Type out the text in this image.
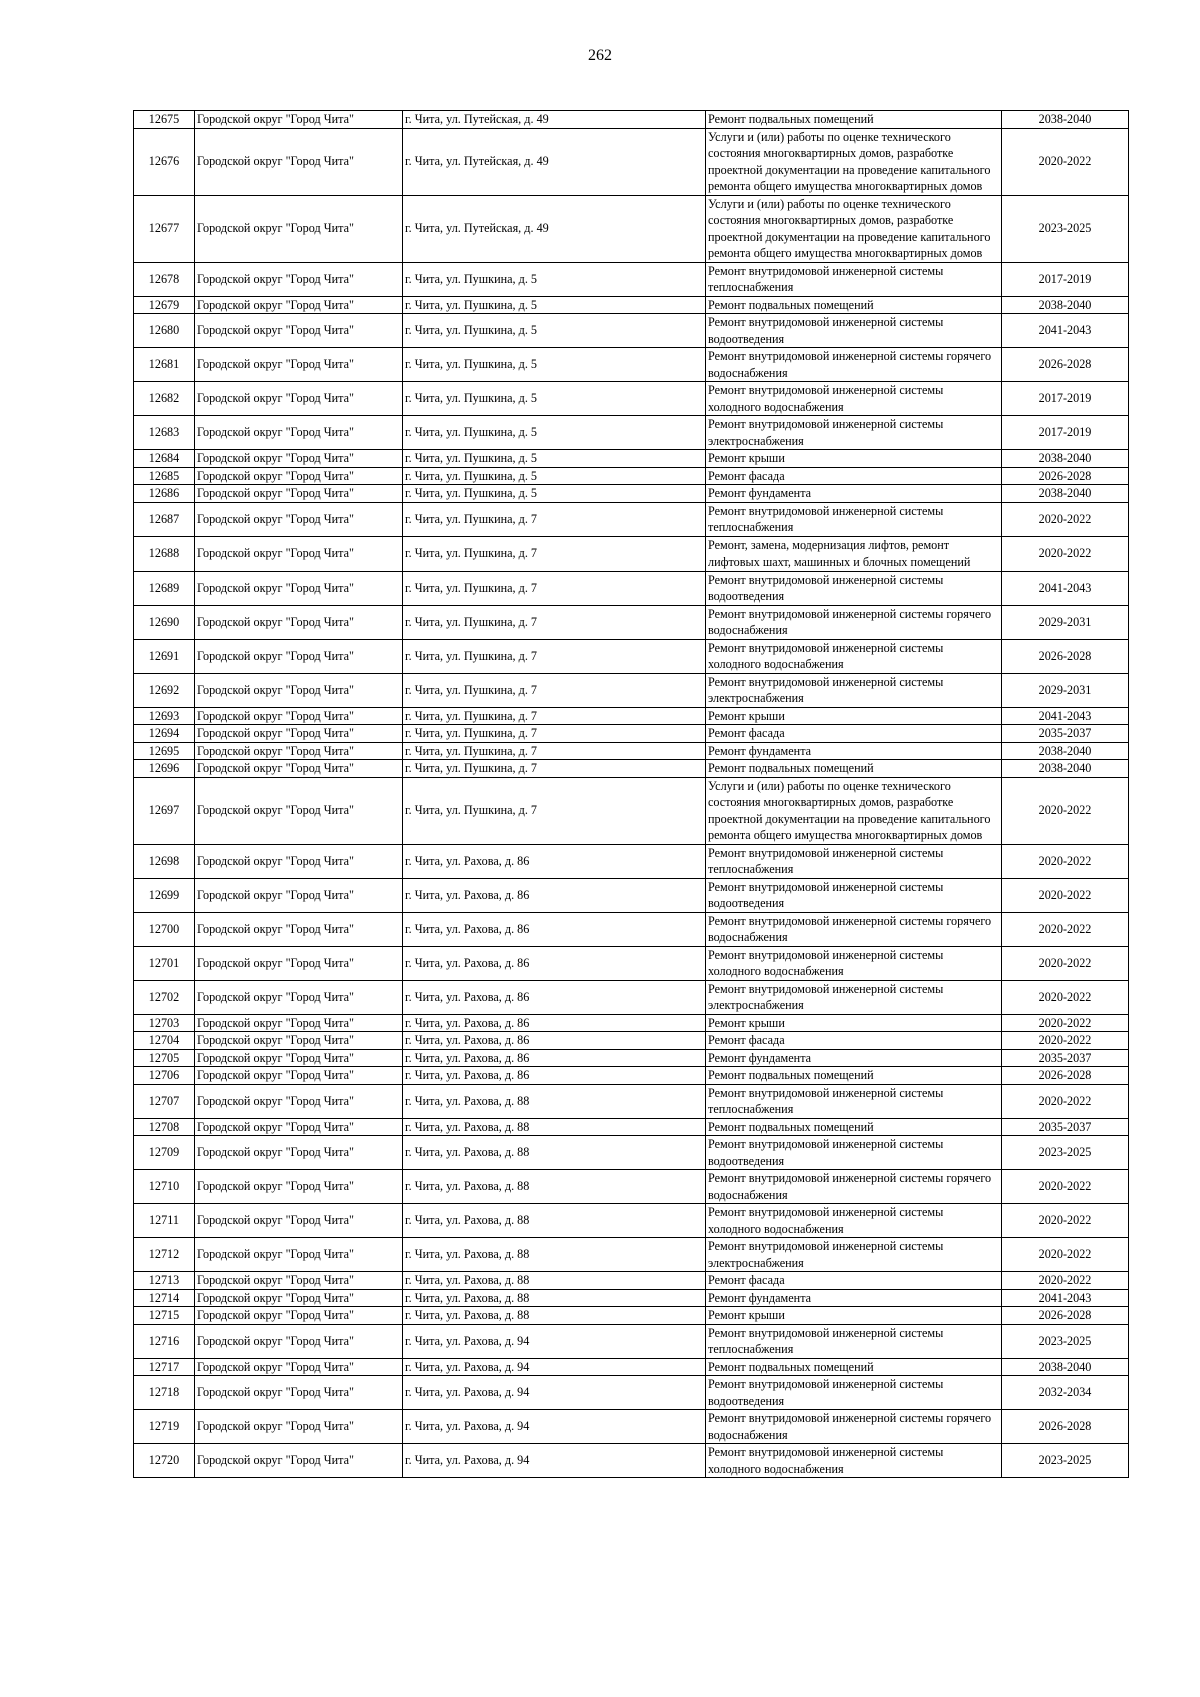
262
12675	Городской округ "Город Чита"	г. Чита, ул. Путейская, д. 49	Ремонт подвальных помещений	2038-2040
12676	Городской округ "Город Чита"	г. Чита, ул. Путейская, д. 49	Услуги и (или) работы по оценке технического состояния многоквартирных домов, разработке проектной документации на проведение капитального ремонта общего имущества многоквартирных домов	2020-2022
12677	Городской округ "Город Чита"	г. Чита, ул. Путейская, д. 49	Услуги и (или) работы по оценке технического состояния многоквартирных домов, разработке проектной документации на проведение капитального ремонта общего имущества многоквартирных домов	2023-2025
12678	Городской округ "Город Чита"	г. Чита, ул. Пушкина, д. 5	Ремонт внутридомовой инженерной системы теплоснабжения	2017-2019
12679	Городской округ "Город Чита"	г. Чита, ул. Пушкина, д. 5	Ремонт подвальных помещений	2038-2040
12680	Городской округ "Город Чита"	г. Чита, ул. Пушкина, д. 5	Ремонт внутридомовой инженерной системы водоотведения	2041-2043
12681	Городской округ "Город Чита"	г. Чита, ул. Пушкина, д. 5	Ремонт внутридомовой инженерной системы горячего водоснабжения	2026-2028
12682	Городской округ "Город Чита"	г. Чита, ул. Пушкина, д. 5	Ремонт внутридомовой инженерной системы холодного водоснабжения	2017-2019
12683	Городской округ "Город Чита"	г. Чита, ул. Пушкина, д. 5	Ремонт внутридомовой инженерной системы электроснабжения	2017-2019
12684	Городской округ "Город Чита"	г. Чита, ул. Пушкина, д. 5	Ремонт крыши	2038-2040
12685	Городской округ "Город Чита"	г. Чита, ул. Пушкина, д. 5	Ремонт фасада	2026-2028
12686	Городской округ "Город Чита"	г. Чита, ул. Пушкина, д. 5	Ремонт фундамента	2038-2040
12687	Городской округ "Город Чита"	г. Чита, ул. Пушкина, д. 7	Ремонт внутридомовой инженерной системы теплоснабжения	2020-2022
12688	Городской округ "Город Чита"	г. Чита, ул. Пушкина, д. 7	Ремонт, замена, модернизация лифтов, ремонт лифтовых шахт, машинных и блочных помещений	2020-2022
12689	Городской округ "Город Чита"	г. Чита, ул. Пушкина, д. 7	Ремонт внутридомовой инженерной системы водоотведения	2041-2043
12690	Городской округ "Город Чита"	г. Чита, ул. Пушкина, д. 7	Ремонт внутридомовой инженерной системы горячего водоснабжения	2029-2031
12691	Городской округ "Город Чита"	г. Чита, ул. Пушкина, д. 7	Ремонт внутридомовой инженерной системы холодного водоснабжения	2026-2028
12692	Городской округ "Город Чита"	г. Чита, ул. Пушкина, д. 7	Ремонт внутридомовой инженерной системы электроснабжения	2029-2031
12693	Городской округ "Город Чита"	г. Чита, ул. Пушкина, д. 7	Ремонт крыши	2041-2043
12694	Городской округ "Город Чита"	г. Чита, ул. Пушкина, д. 7	Ремонт фасада	2035-2037
12695	Городской округ "Город Чита"	г. Чита, ул. Пушкина, д. 7	Ремонт фундамента	2038-2040
12696	Городской округ "Город Чита"	г. Чита, ул. Пушкина, д. 7	Ремонт подвальных помещений	2038-2040
12697	Городской округ "Город Чита"	г. Чита, ул. Пушкина, д. 7	Услуги и (или) работы по оценке технического состояния многоквартирных домов, разработке проектной документации на проведение капитального ремонта общего имущества многоквартирных домов	2020-2022
12698	Городской округ "Город Чита"	г. Чита, ул. Рахова, д. 86	Ремонт внутридомовой инженерной системы теплоснабжения	2020-2022
12699	Городской округ "Город Чита"	г. Чита, ул. Рахова, д. 86	Ремонт внутридомовой инженерной системы водоотведения	2020-2022
12700	Городской округ "Город Чита"	г. Чита, ул. Рахова, д. 86	Ремонт внутридомовой инженерной системы горячего водоснабжения	2020-2022
12701	Городской округ "Город Чита"	г. Чита, ул. Рахова, д. 86	Ремонт внутридомовой инженерной системы холодного водоснабжения	2020-2022
12702	Городской округ "Город Чита"	г. Чита, ул. Рахова, д. 86	Ремонт внутридомовой инженерной системы электроснабжения	2020-2022
12703	Городской округ "Город Чита"	г. Чита, ул. Рахова, д. 86	Ремонт крыши	2020-2022
12704	Городской округ "Город Чита"	г. Чита, ул. Рахова, д. 86	Ремонт фасада	2020-2022
12705	Городской округ "Город Чита"	г. Чита, ул. Рахова, д. 86	Ремонт фундамента	2035-2037
12706	Городской округ "Город Чита"	г. Чита, ул. Рахова, д. 86	Ремонт подвальных помещений	2026-2028
12707	Городской округ "Город Чита"	г. Чита, ул. Рахова, д. 88	Ремонт внутридомовой инженерной системы теплоснабжения	2020-2022
12708	Городской округ "Город Чита"	г. Чита, ул. Рахова, д. 88	Ремонт подвальных помещений	2035-2037
12709	Городской округ "Город Чита"	г. Чита, ул. Рахова, д. 88	Ремонт внутридомовой инженерной системы водоотведения	2023-2025
12710	Городской округ "Город Чита"	г. Чита, ул. Рахова, д. 88	Ремонт внутридомовой инженерной системы горячего водоснабжения	2020-2022
12711	Городской округ "Город Чита"	г. Чита, ул. Рахова, д. 88	Ремонт внутридомовой инженерной системы холодного водоснабжения	2020-2022
12712	Городской округ "Город Чита"	г. Чита, ул. Рахова, д. 88	Ремонт внутридомовой инженерной системы электроснабжения	2020-2022
12713	Городской округ "Город Чита"	г. Чита, ул. Рахова, д. 88	Ремонт фасада	2020-2022
12714	Городской округ "Город Чита"	г. Чита, ул. Рахова, д. 88	Ремонт фундамента	2041-2043
12715	Городской округ "Город Чита"	г. Чита, ул. Рахова, д. 88	Ремонт крыши	2026-2028
12716	Городской округ "Город Чита"	г. Чита, ул. Рахова, д. 94	Ремонт внутридомовой инженерной системы теплоснабжения	2023-2025
12717	Городской округ "Город Чита"	г. Чита, ул. Рахова, д. 94	Ремонт подвальных помещений	2038-2040
12718	Городской округ "Город Чита"	г. Чита, ул. Рахова, д. 94	Ремонт внутридомовой инженерной системы водоотведения	2032-2034
12719	Городской округ "Город Чита"	г. Чита, ул. Рахова, д. 94	Ремонт внутридомовой инженерной системы горячего водоснабжения	2026-2028
12720	Городской округ "Город Чита"	г. Чита, ул. Рахова, д. 94	Ремонт внутридомовой инженерной системы холодного водоснабжения	2023-2025
